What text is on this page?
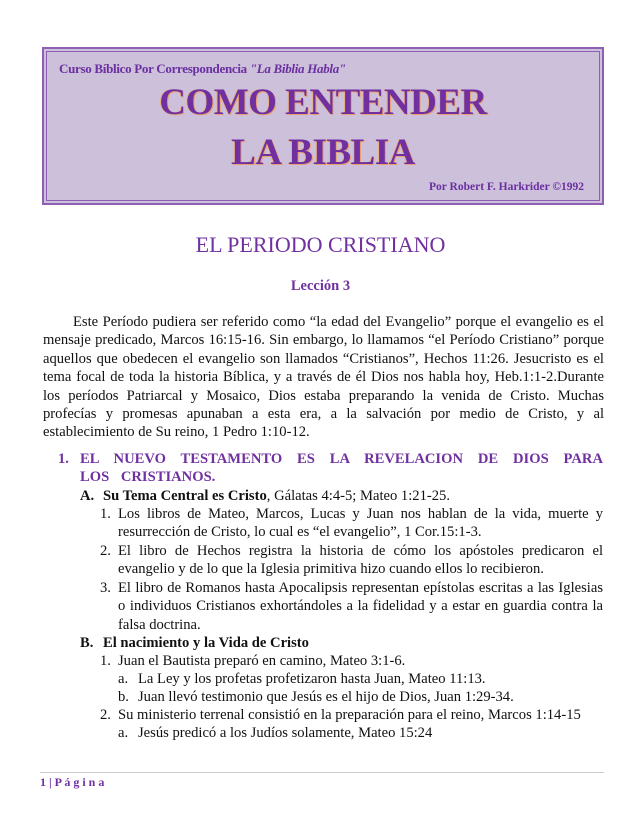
Curso Bíblico Por Correspondencia "La Biblia Habla"
COMO ENTENDER
LA BIBLIA
Por Robert F. Harkrider ©1992
EL PERIODO CRISTIANO
Lección 3
Este Período pudiera ser referido como “la edad del Evangelio” porque el evangelio es el mensaje predicado, Marcos 16:15-16. Sin embargo, lo llamamos “el Período Cristiano” porque aquellos que obedecen el evangelio son llamados “Cristianos”, Hechos 11:26. Jesucristo es el tema focal de toda la historia Bíblica, y a través de él Dios nos habla hoy, Heb.1:1-2.Durante los períodos Patriarcal y Mosaico, Dios estaba preparando la venida de Cristo. Muchas profecías y promesas apunaban a esta era, a la salvación por medio de Cristo, y al establecimiento de Su reino, 1 Pedro 1:10-12.
1. EL NUEVO TESTAMENTO ES LA REVELACION DE DIOS PARA LOS CRISTIANOS.
A. Su Tema Central es Cristo, Gálatas 4:4-5; Mateo 1:21-25.
1. Los libros de Mateo, Marcos, Lucas y Juan nos hablan de la vida, muerte y resurrección de Cristo, lo cual es “el evangelio”, 1 Cor.15:1-3.
2. El libro de Hechos registra la historia de cómo los apóstoles predicaron el evangelio y de lo que la Iglesia primitiva hizo cuando ellos lo recibieron.
3. El libro de Romanos hasta Apocalipsis representan epístolas escritas a las Iglesias o individuos Cristianos exhortándoles a la fidelidad y a estar en guardia contra la falsa doctrina.
B. El nacimiento y la Vida de Cristo
1. Juan el Bautista preparó en camino, Mateo 3:1-6.
a. La Ley y los profetas profetizaron hasta Juan, Mateo 11:13.
b. Juan llevó testimonio que Jesús es el hijo de Dios, Juan 1:29-34.
2. Su ministerio terrenal consistió en la preparación para el reino, Marcos 1:14-15
a. Jesús predicó a los Judíos solamente, Mateo 15:24
1 | P á g i n a
